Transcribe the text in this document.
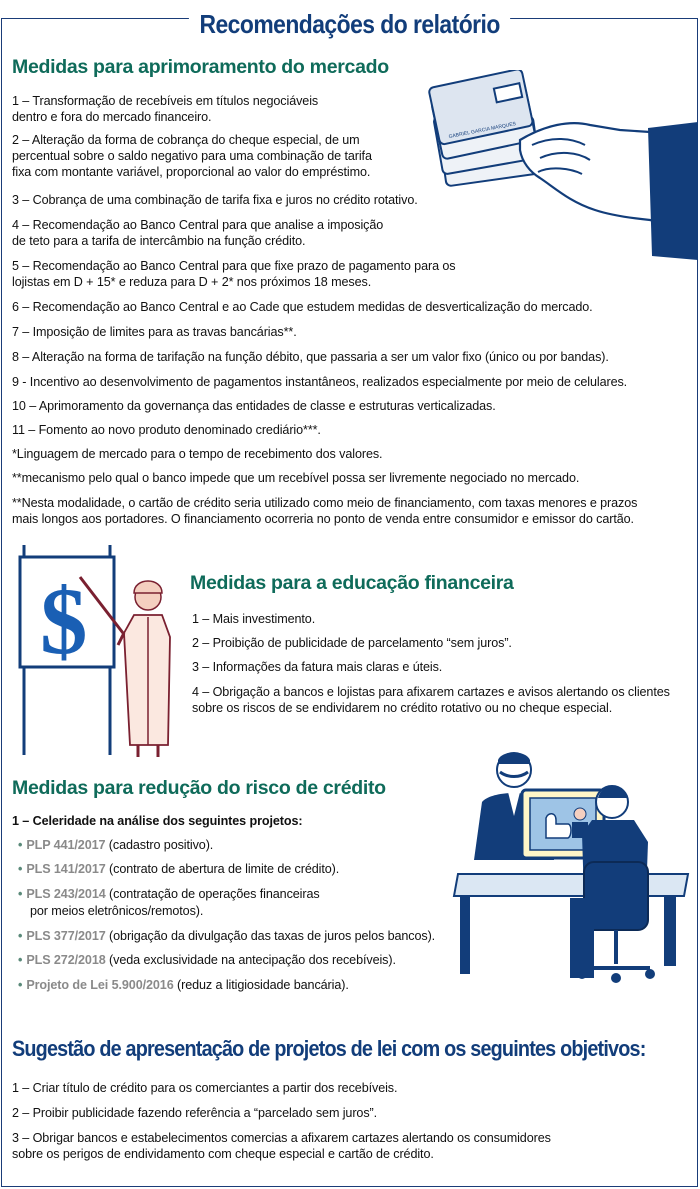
Recomendações do relatório
Medidas para aprimoramento do mercado
1 – Transformação de recebíveis em títulos negociáveis
dentro e fora do mercado financeiro.
2 – Alteração da forma de cobrança do cheque especial, de um
percentual sobre o saldo negativo para uma combinação de tarifa
fixa com montante variável, proporcional ao valor do empréstimo.
3 – Cobrança de uma combinação de tarifa fixa e juros no crédito rotativo.
4 – Recomendação ao Banco Central para que analise a imposição
de teto para a tarifa de intercâmbio na função crédito.
5 – Recomendação ao Banco Central para que fixe prazo de pagamento para os
lojistas em D + 15* e reduza para D + 2* nos próximos 18 meses.
6 – Recomendação ao Banco Central e ao Cade que estudem medidas de desverticalização do mercado.
7 – Imposição de limites para as travas bancárias**.
8 – Alteração na forma de tarifação na função débito, que passaria a ser um valor fixo (único ou por bandas).
9 - Incentivo ao desenvolvimento de pagamentos instantâneos, realizados especialmente por meio de celulares.
10 – Aprimoramento da governança das entidades de classe e estruturas verticalizadas.
11 – Fomento ao novo produto denominado crediário***.
*Linguagem de mercado para o tempo de recebimento dos valores.
**mecanismo pelo qual o banco impede que um recebível possa ser livremente negociado no mercado.
**Nesta modalidade, o cartão de crédito seria utilizado como meio de financiamento, com taxas menores e prazos
mais longos aos portadores. O financiamento ocorreria no ponto de venda entre consumidor e emissor do cartão.
GABRIEL GARCIA MARQUES
$	Medidas para a educação financeira
1 – Mais investimento.
2 – Proibição de publicidade de parcelamento “sem juros”.
3 – Informações da fatura mais claras e úteis.
4 – Obrigação a bancos e lojistas para afixarem cartazes e avisos alertando os clientes
sobre os riscos de se endividarem no crédito rotativo ou no cheque especial.
Medidas para redução do risco de crédito
1 – Celeridade na análise dos seguintes projetos:
• PLP 441/2017 (cadastro positivo).
• PLS 141/2017 (contrato de abertura de limite de crédito).
• PLS 243/2014 (contratação de operações financeiras
por meios eletrônicos/remotos).
• PLS 377/2017 (obrigação da divulgação das taxas de juros pelos bancos).
• PLS 272/2018 (veda exclusividade na antecipação dos recebíveis).
• Projeto de Lei 5.900/2016 (reduz a litigiosidade bancária).
Sugestão de apresentação de projetos de lei com os seguintes objetivos:
1 – Criar título de crédito para os comerciantes a partir dos recebíveis.
2 – Proibir publicidade fazendo referência a “parcelado sem juros”.
3 – Obrigar bancos e estabelecimentos comercias a afixarem cartazes alertando os consumidores
sobre os perigos de endividamento com cheque especial e cartão de crédito.
